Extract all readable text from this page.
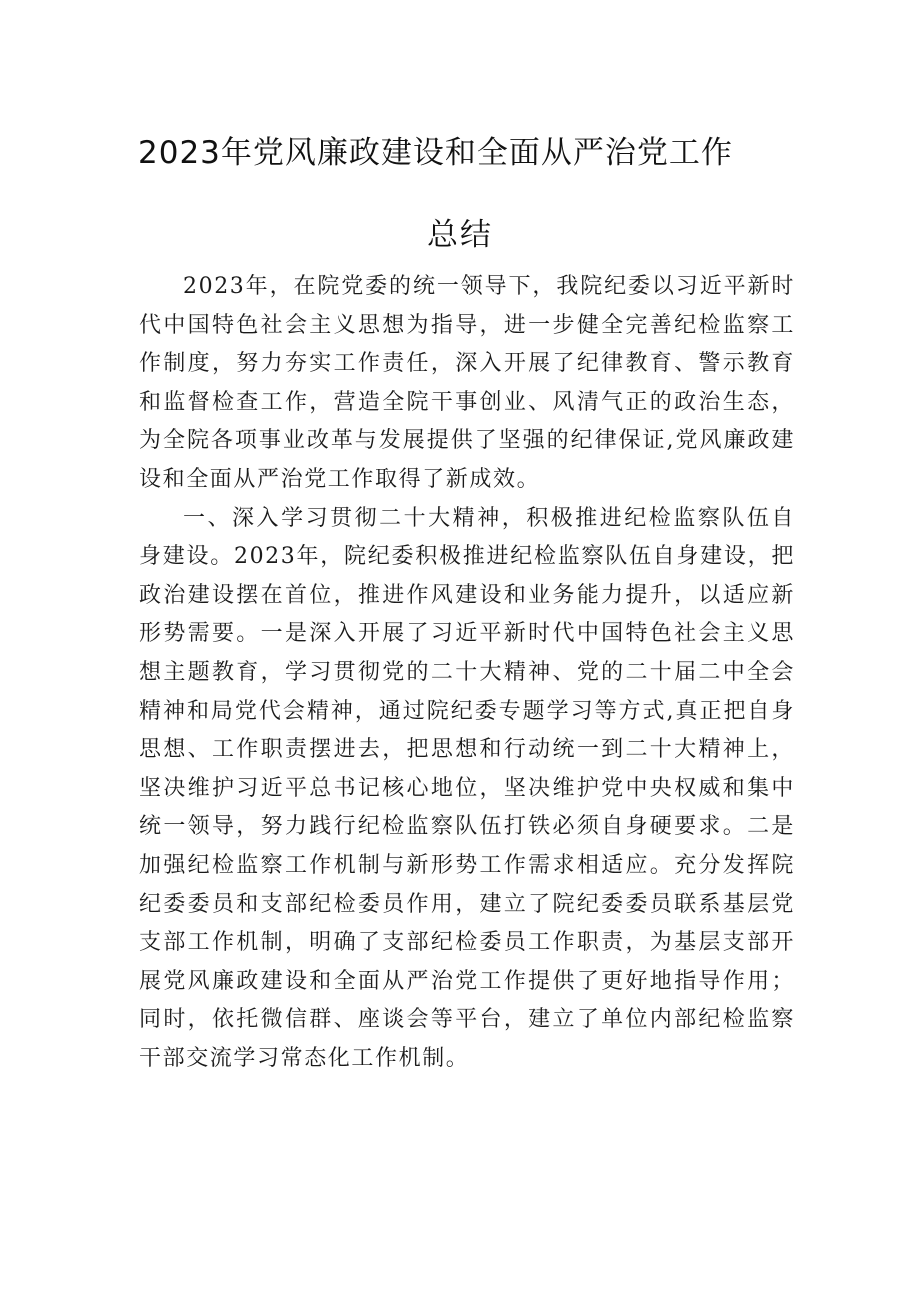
2023年党风廉政建设和全面从严治党工作
总结

2023年，在院党委的统一领导下，我院纪委以习近平新时代中国特色社会主义思想为指导，进一步健全完善纪检监察工作制度，努力夯实工作责任，深入开展了纪律教育、警示教育和监督检查工作，营造全院干事创业、风清气正的政治生态，为全院各项事业改革与发展提供了坚强的纪律保证,党风廉政建设和全面从严治党工作取得了新成效。

一、深入学习贯彻二十大精神，积极推进纪检监察队伍自身建设。2023年，院纪委积极推进纪检监察队伍自身建设，把政治建设摆在首位，推进作风建设和业务能力提升，以适应新形势需要。一是深入开展了习近平新时代中国特色社会主义思想主题教育，学习贯彻党的二十大精神、党的二十届二中全会精神和局党代会精神，通过院纪委专题学习等方式,真正把自身思想、工作职责摆进去，把思想和行动统一到二十大精神上，坚决维护习近平总书记核心地位，坚决维护党中央权威和集中统一领导，努力践行纪检监察队伍打铁必须自身硬要求。二是加强纪检监察工作机制与新形势工作需求相适应。充分发挥院纪委委员和支部纪检委员作用，建立了院纪委委员联系基层党支部工作机制，明确了支部纪检委员工作职责，为基层支部开展党风廉政建设和全面从严治党工作提供了更好地指导作用；同时，依托微信群、座谈会等平台，建立了单位内部纪检监察干部交流学习常态化工作机制。
